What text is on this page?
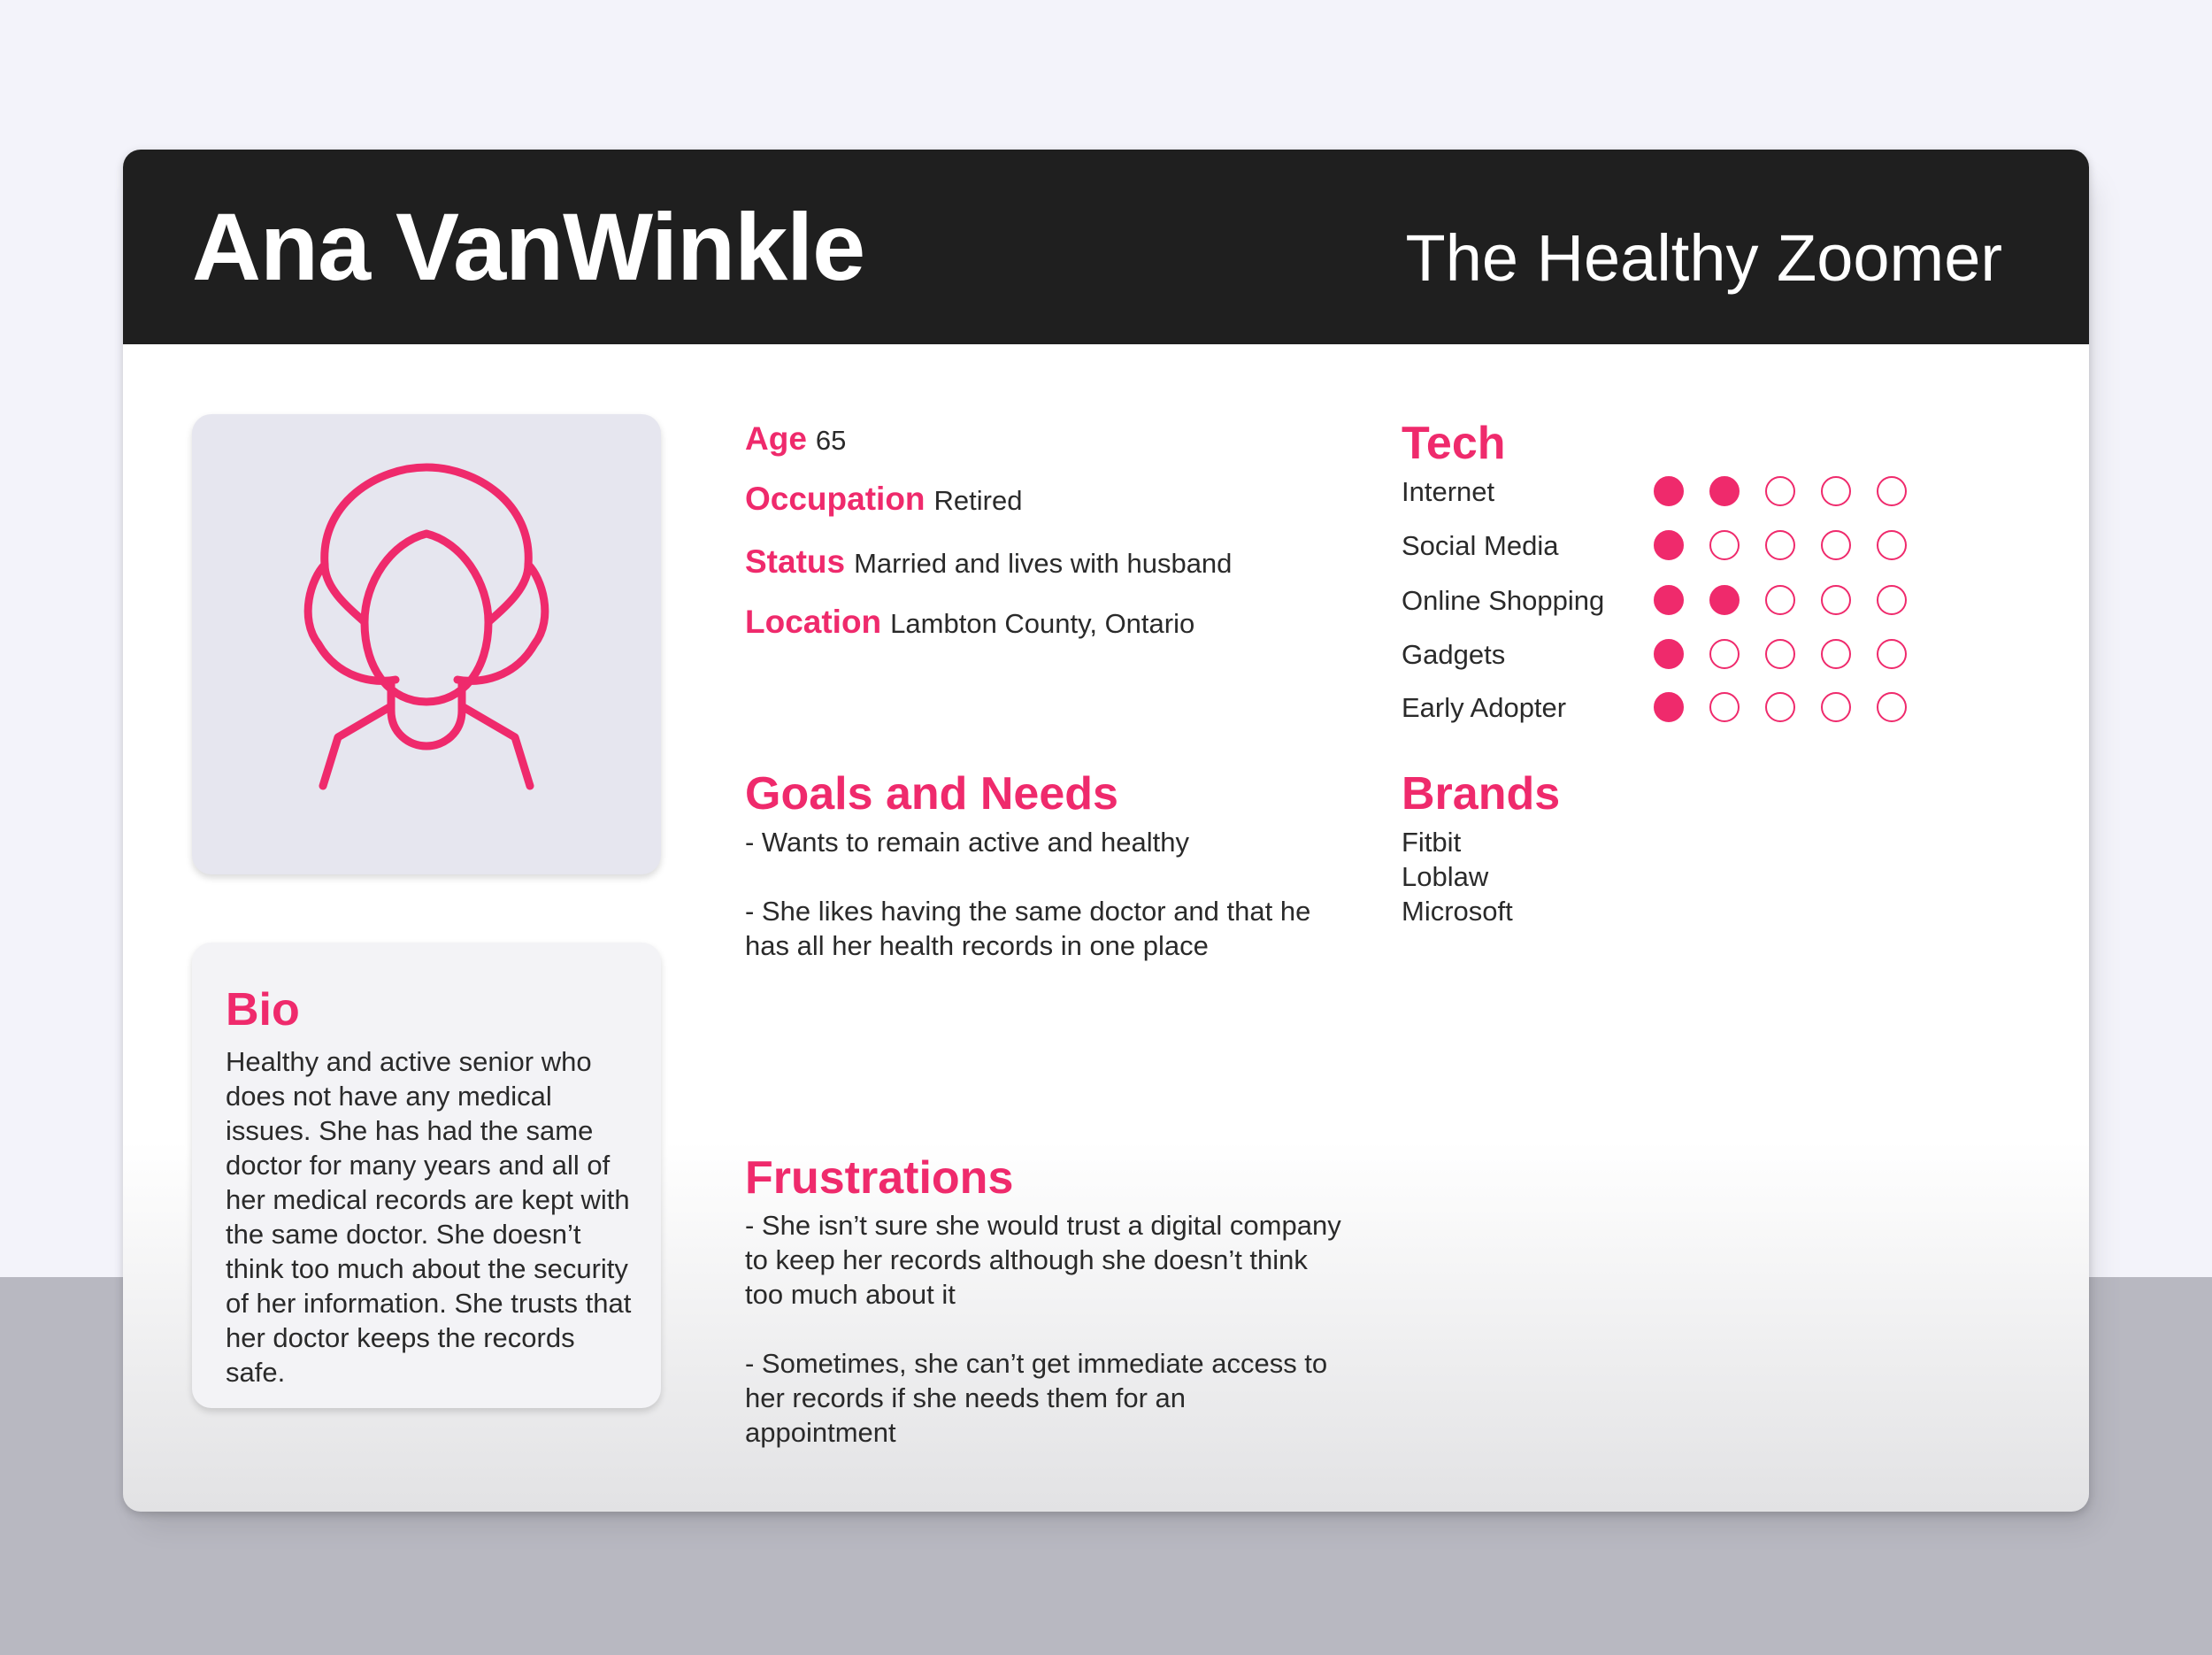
Ana VanWinkle	The Healthy Zoomer
Bio
Healthy and active senior who does not have any medical issues. She has had the same doctor for many years and all of her medical records are kept with the same doctor. She doesn’t think too much about the security of her information. She trusts that her doctor keeps the records safe.
Age 65
Occupation Retired
Status Married and lives with husband
Location Lambton County, Ontario
Goals and Needs
- Wants to remain active and healthy
- She likes having the same doctor and that he
has all her health records in one place
Frustrations
- She isn’t sure she would trust a digital company
to keep her records although she doesn’t think
too much about it
- Sometimes, she can’t get immediate access to
her records if she needs them for an
appointment
Tech
Internet
Social Media
Online Shopping
Gadgets
Early Adopter
Brands
Fitbit
Loblaw
Microsoft
